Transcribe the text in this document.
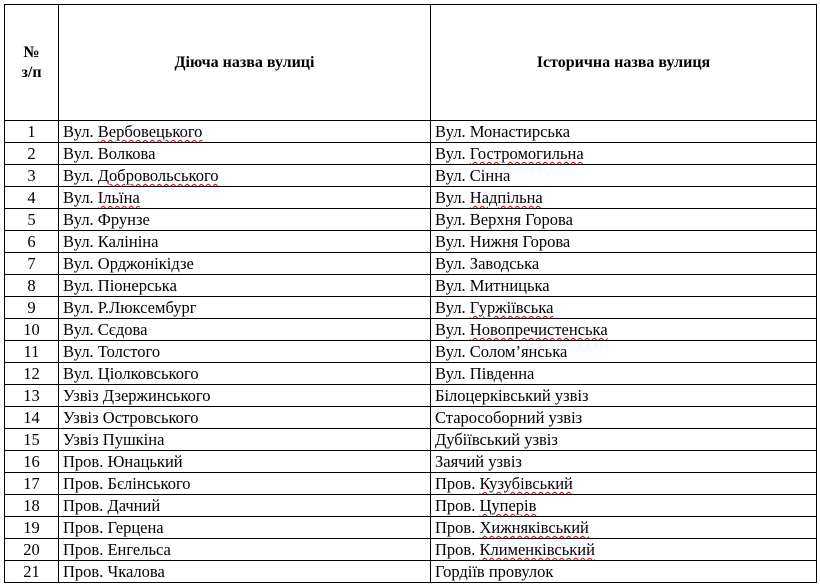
№
з/п	Діюча назва вулиці	Історична назва вулиця
1	Вул. Вербовецького	Вул. Монастирська
2	Вул. Волкова	Вул. Гостромогильна
3	Вул. Добровольського	Вул. Сінна
4	Вул. Ільїна	Вул. Надпільна
5	Вул. Фрунзе	Вул. Верхня Горова
6	Вул. Калініна	Вул. Нижня Горова
7	Вул. Орджонікідзе	Вул. Заводська
8	Вул. Піонерська	Вул. Митницька
9	Вул. Р.Люксембург	Вул. Гуржіївська
10	Вул. Сєдова	Вул. Новопречистенська
11	Вул. Толстого	Вул. Солом’янська
12	Вул. Ціолковського	Вул. Південна
13	Узвіз Дзержинського	Білоцерківський узвіз
14	Узвіз Островського	Старособорний узвіз
15	Узвіз Пушкіна	Дубіївський узвіз
16	Пров. Юнацький	Заячий узвіз
17	Пров. Бєлінського	Пров. Кузубівський
18	Пров. Дачний	Пров. Цуперів
19	Пров. Герцена	Пров. Хижняківський
20	Пров. Енгельса	Пров. Клименківський
21	Пров. Чкалова	Гордіїв провулок
